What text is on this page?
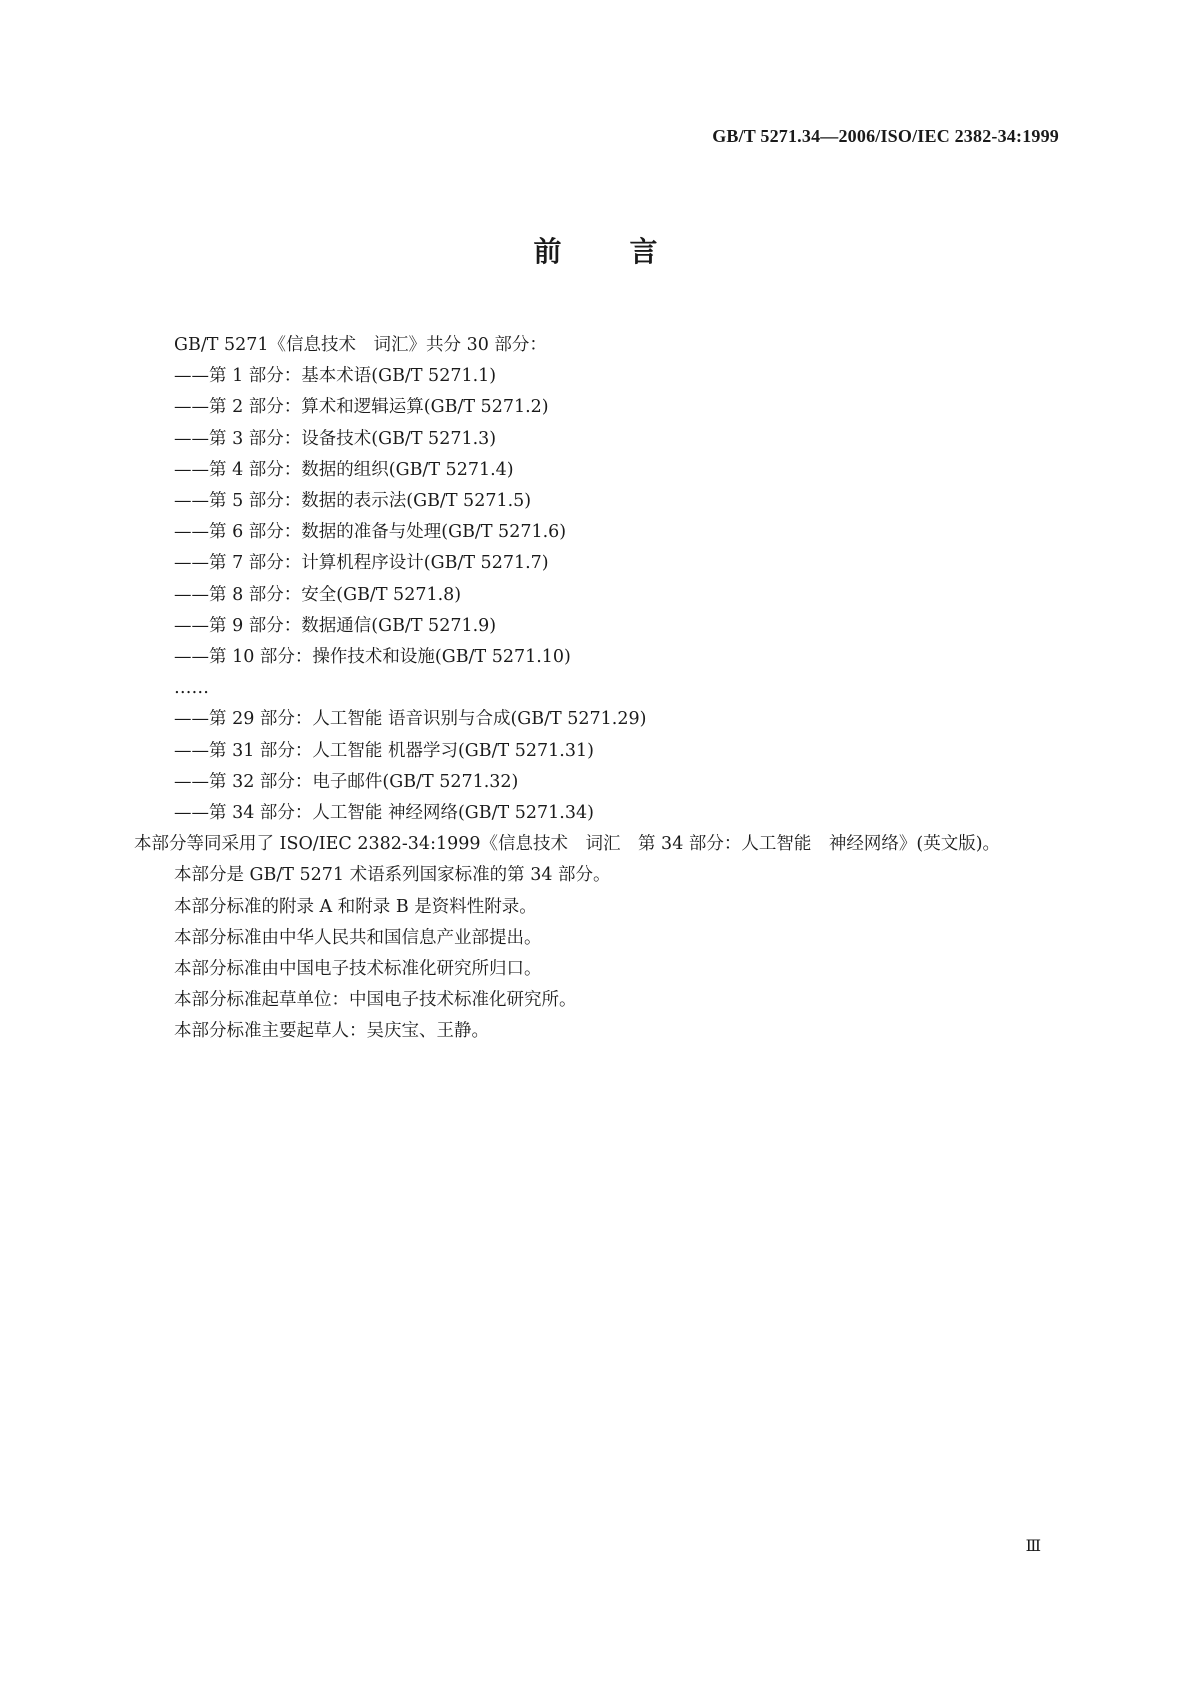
GB/T 5271.34—2006/ISO/IEC 2382-34:1999
前言
GB/T 5271《信息技术　词汇》共分 30 部分：
——第 1 部分：基本术语(GB/T 5271.1)
——第 2 部分：算术和逻辑运算(GB/T 5271.2)
——第 3 部分：设备技术(GB/T 5271.3)
——第 4 部分：数据的组织(GB/T 5271.4)
——第 5 部分：数据的表示法(GB/T 5271.5)
——第 6 部分：数据的准备与处理(GB/T 5271.6)
——第 7 部分：计算机程序设计(GB/T 5271.7)
——第 8 部分：安全(GB/T 5271.8)
——第 9 部分：数据通信(GB/T 5271.9)
——第 10 部分：操作技术和设施(GB/T 5271.10)
……
——第 29 部分：人工智能 语音识别与合成(GB/T 5271.29)
——第 31 部分：人工智能 机器学习(GB/T 5271.31)
——第 32 部分：电子邮件(GB/T 5271.32)
——第 34 部分：人工智能 神经网络(GB/T 5271.34)
本部分等同采用了 ISO/IEC 2382-34:1999《信息技术　词汇　第 34 部分：人工智能　神经网络》(英文版)。
本部分是 GB/T 5271 术语系列国家标准的第 34 部分。
本部分标准的附录 A 和附录 B 是资料性附录。
本部分标准由中华人民共和国信息产业部提出。
本部分标准由中国电子技术标准化研究所归口。
本部分标准起草单位：中国电子技术标准化研究所。
本部分标准主要起草人：吴庆宝、王静。
Ⅲ
